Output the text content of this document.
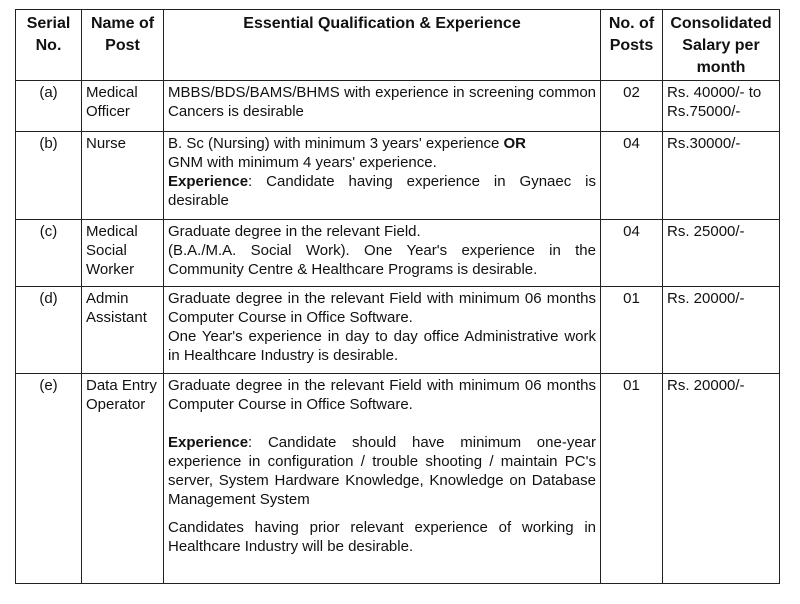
Serial No.	Name of Post	Essential Qualification & Experience	No. of Posts	Consolidated Salary per month
(a)	Medical Officer	MBBS/BDS/BAMS/BHMS with experience in screening common Cancers is desirable	02	Rs. 40000/- to Rs.75000/-
(b)	Nurse	B. Sc (Nursing) with minimum 3 years' experience OR

GNM with minimum 4 years' experience.

Experience: Candidate having experience in Gynaec is desirable	04	Rs.30000/-
(c)	Medical Social Worker	Graduate degree in the relevant Field.

(B.A./M.A. Social Work). One Year's experience in the Community Centre & Healthcare Programs is desirable.	04	Rs. 25000/-
(d)	Admin Assistant	Graduate degree in the relevant Field with minimum 06 months Computer Course in Office Software.

One Year's experience in day to day office Administrative work in Healthcare Industry is desirable.	01	Rs. 20000/-
(e)	Data Entry Operator	Graduate degree in the relevant Field with minimum 06 months Computer Course in Office Software.

Experience: Candidate should have minimum one-year experience in configuration / trouble shooting / maintain PC's server, System Hardware Knowledge, Knowledge on Database Management System

Candidates having prior relevant experience of working in Healthcare Industry will be desirable.	01	Rs. 20000/-
